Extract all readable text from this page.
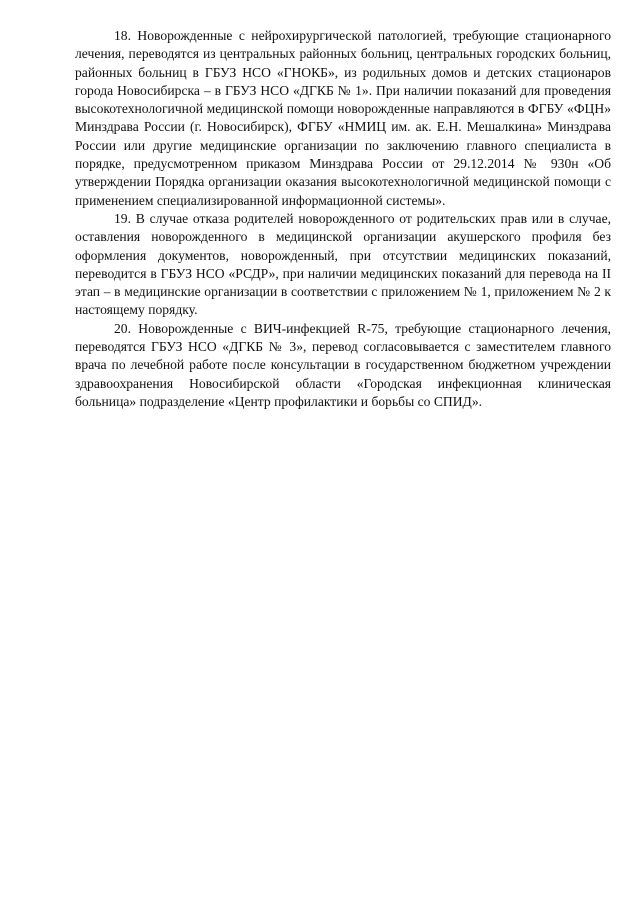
18. Новорожденные с нейрохирургической патологией, требующие стационарного лечения, переводятся из центральных районных больниц, центральных городских больниц, районных больниц в ГБУЗ НСО «ГНОКБ», из родильных домов и детских стационаров города Новосибирска – в ГБУЗ НСО «ДГКБ № 1». При наличии показаний для проведения высокотехнологичной медицинской помощи новорожденные направляются в ФГБУ «ФЦН» Минздрава России (г. Новосибирск), ФГБУ «НМИЦ им. ак. Е.Н. Мешалкина» Минздрава России или другие медицинские организации по заключению главного специалиста в порядке, предусмотренном приказом Минздрава России от 29.12.2014 № 930н «Об утверждении Порядка организации оказания высокотехнологичной медицинской помощи с применением специализированной информационной системы».

19. В случае отказа родителей новорожденного от родительских прав или в случае, оставления новорожденного в медицинской организации акушерского профиля без оформления документов, новорожденный, при отсутствии медицинских показаний, переводится в ГБУЗ НСО «РСДР», при наличии медицинских показаний для перевода на II этап – в медицинские организации в соответствии с приложением № 1, приложением № 2 к настоящему порядку.

20. Новорожденные с ВИЧ-инфекцией R-75, требующие стационарного лечения, переводятся ГБУЗ НСО «ДГКБ № 3», перевод согласовывается с заместителем главного врача по лечебной работе после консультации в государственном бюджетном учреждении здравоохранения Новосибирской области «Городская инфекционная клиническая больница» подразделение «Центр профилактики и борьбы со СПИД».
